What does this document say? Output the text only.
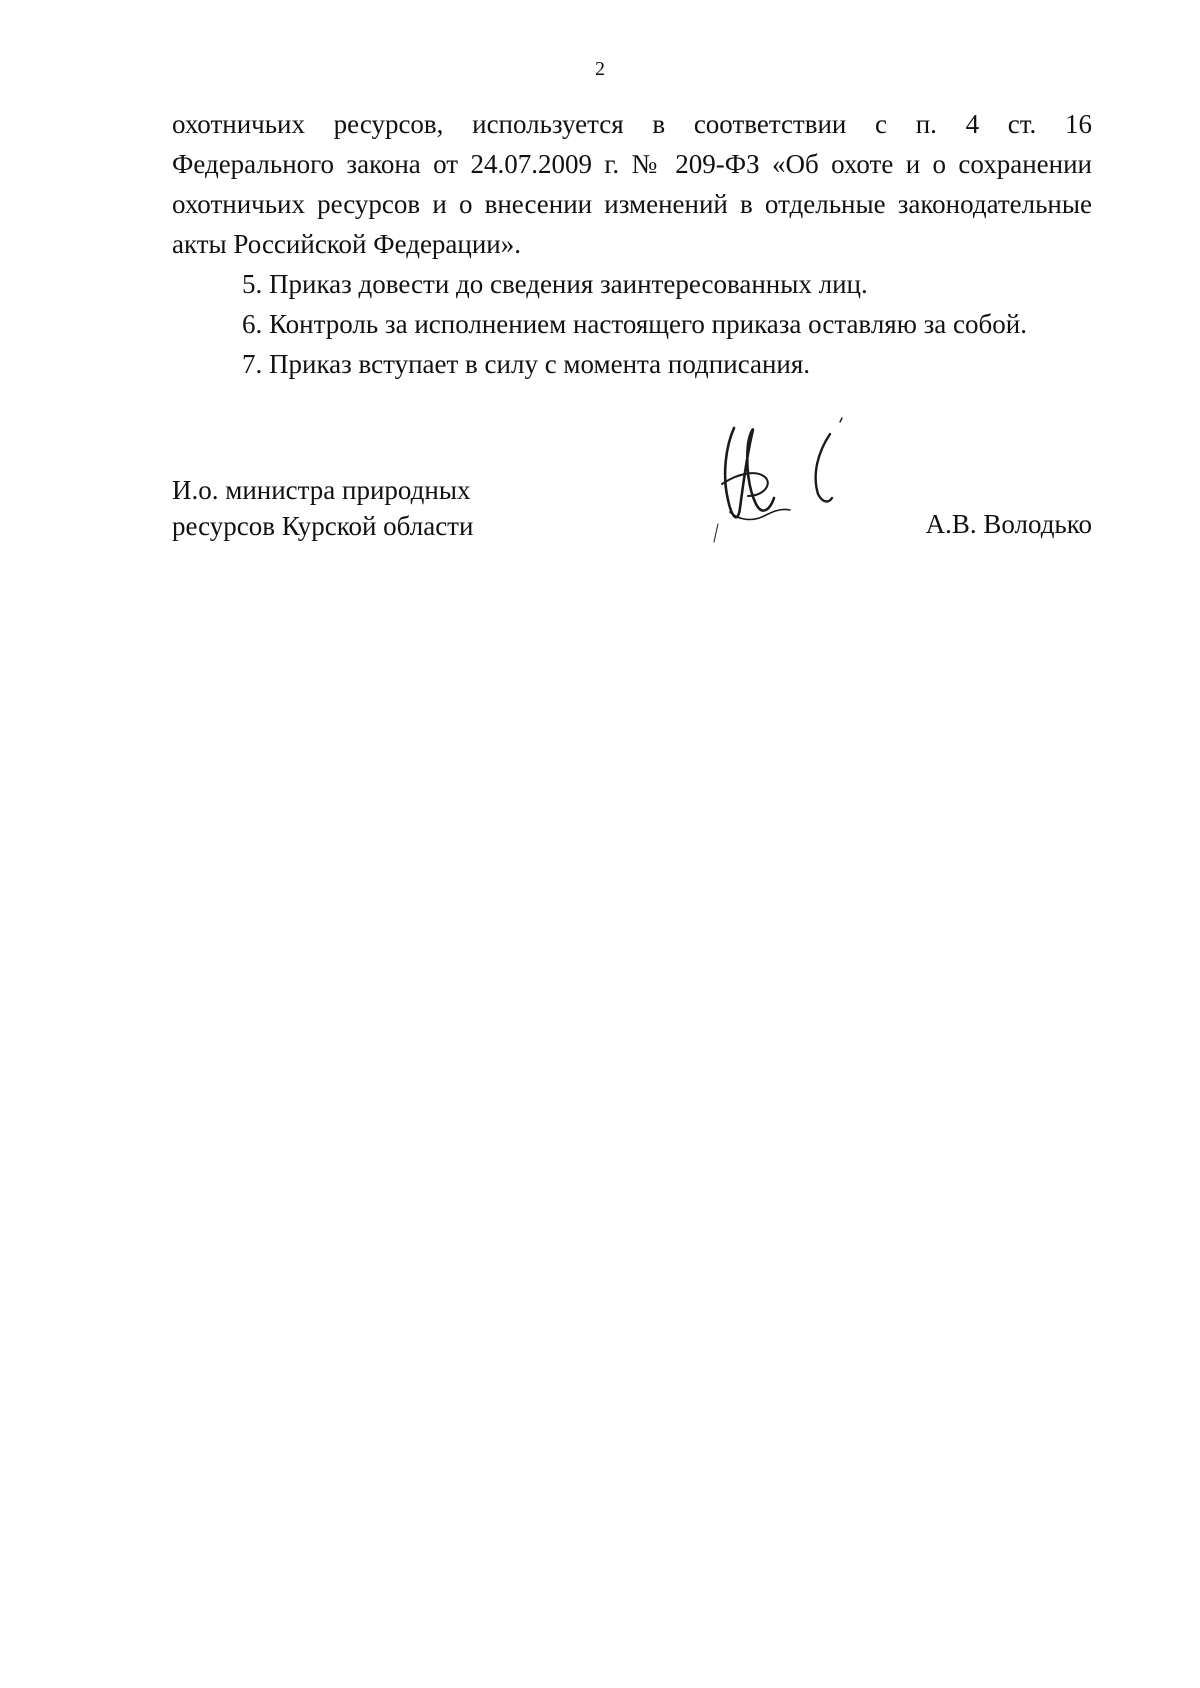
2

охотничьих ресурсов, используется в соответствии с п. 4 ст. 16
Федерального закона от 24.07.2009 г. № 209-ФЗ «Об охоте и о сохранении охотничьих ресурсов и о внесении изменений в отдельные законодательные акты Российской Федерации».

5. Приказ довести до сведения заинтересованных лиц.

6. Контроль за исполнением настоящего приказа оставляю за собой.

7. Приказ вступает в силу с момента подписания.

И.о. министра природных
ресурсов Курской области	А.В. Володько
